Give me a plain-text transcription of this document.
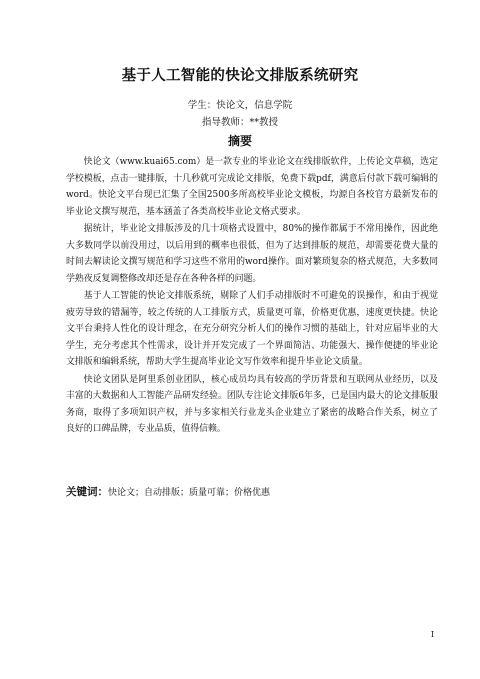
基于人工智能的快论文排版系统研究
学生：快论文，信息学院
指导教师：**教授
摘要

快论文（www.kuai65.com）是一款专业的毕业论文在线排版软件，上传论文草稿，选定学校模板，点击一键排版，十几秒就可完成论文排版，免费下载pdf，满意后付款下载可编辑的word。快论文平台现已汇集了全国2500多所高校毕业论文模板，均源自各校官方最新发布的毕业论文撰写规范，基本涵盖了各类高校毕业论文格式要求。

据统计，毕业论文排版涉及的几十项格式设置中，80%的操作都属于不常用操作，因此绝大多数同学以前没用过，以后用到的概率也很低，但为了达到排版的规范，却需要花费大量的时间去解读论文撰写规范和学习这些不常用的word操作。面对繁琐复杂的格式规范，大多数同学熟夜反复调整修改却还是存在各种各样的问题。

基于人工智能的快论文排版系统，剔除了人们手动排版时不可避免的误操作，和由于视觉疲劳导致的错漏等，较之传统的人工排版方式，质量更可靠，价格更优惠，速度更快捷。快论文平台秉持人性化的设计理念，在充分研究分析人们的操作习惯的基础上，针对应届毕业的大学生，充分考虑其个性需求，设计并开发完成了一个界面简洁、功能强大、操作便捷的毕业论文排版和编辑系统，帮助大学生提高毕业论文写作效率和提升毕业论文质量。

快论文团队是阿里系创业团队，核心成员均具有较高的学历背景和互联网从业经历，以及丰富的大数据和人工智能产品研发经验。团队专注论文排版6年多，已是国内最大的论文排版服务商，取得了多项知识产权，并与多家相关行业龙头企业建立了紧密的战略合作关系，树立了良好的口碑品牌，专业品质，值得信赖。

关键词：快论文；自动排版；质量可靠；价格优惠
I
